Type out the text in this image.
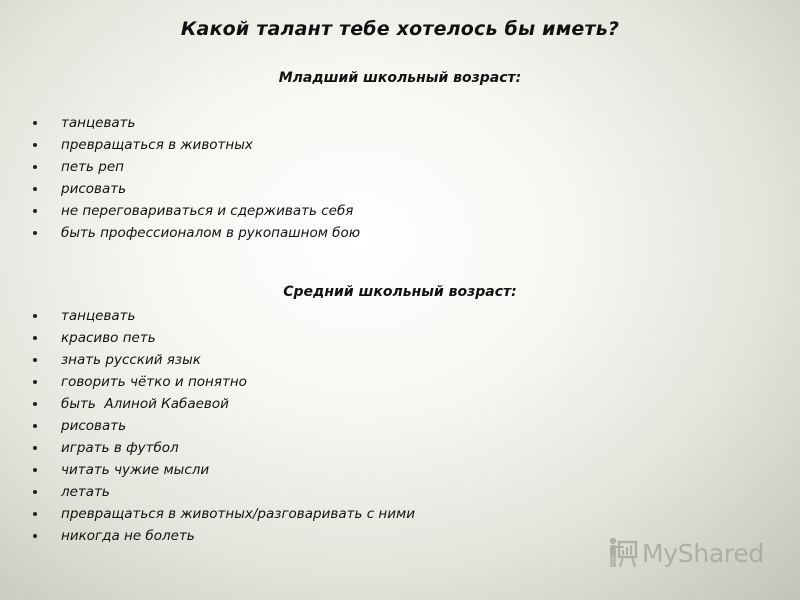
Какой талант тебе хотелось бы иметь?
Младший школьный возраст:
танцевать
превращаться в животных
петь реп
рисовать
не переговариваться и сдерживать себя
быть профессионалом в рукопашном бою
Средний школьный возраст:
танцевать
красиво петь
знать русский язык
говорить чётко и понятно
быть  Алиной Кабаевой
рисовать
играть в футбол
читать чужие мысли
летать
превращаться в животных/разговаривать с ними
никогда не болеть
MyShared
